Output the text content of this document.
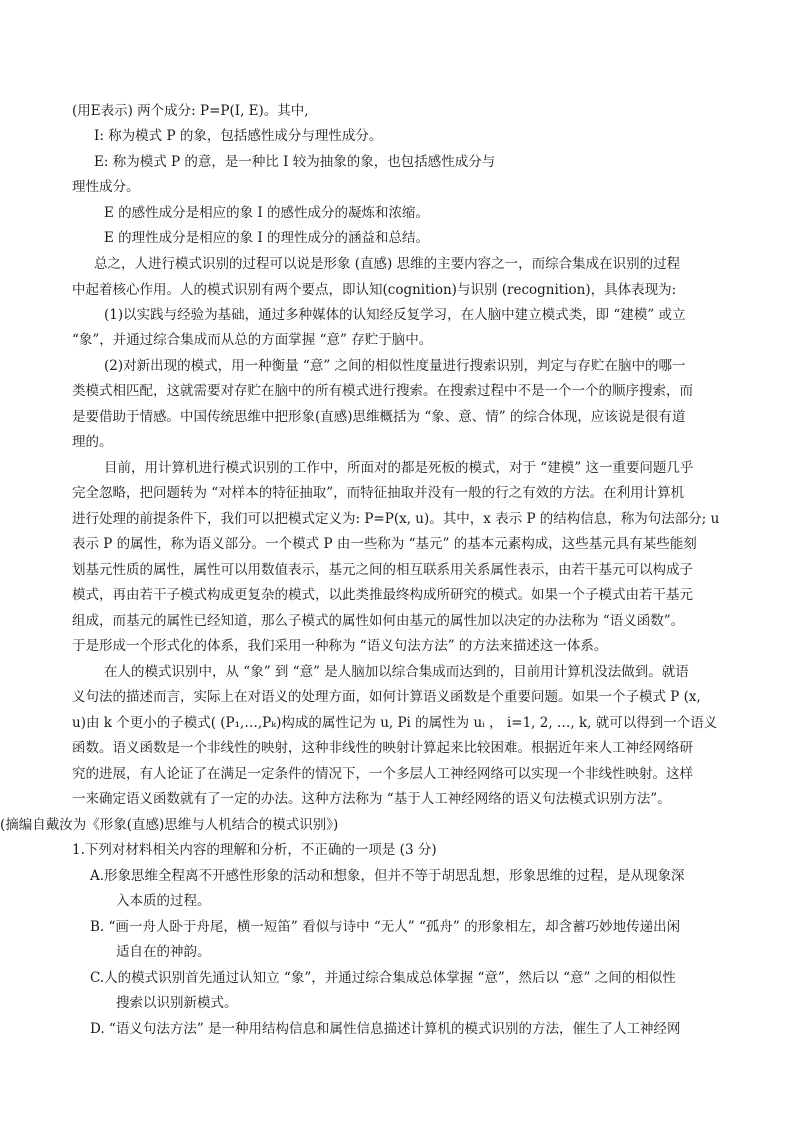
(用E表示) 两个成分: P=P(I, E)。其中,
I: 称为模式 P 的象，包括感性成分与理性成分。
E: 称为模式 P 的意，是一种比 I 较为抽象的象，也包括感性成分与
理性成分。
E 的感性成分是相应的象 I 的感性成分的凝炼和浓缩。
E 的理性成分是相应的象 I 的理性成分的涵益和总结。
总之，人进行模式识别的过程可以说是形象 (直感) 思维的主要内容之一，而综合集成在识别的过程
中起着核心作用。人的模式识别有两个要点，即认知(cognition)与识别 (recognition)，具体表现为:
(1)以实践与经验为基础，通过多种媒体的认知经反复学习，在人脑中建立模式类，即 “建模” 或立
“象”，并通过综合集成而从总的方面掌握 “意” 存贮于脑中。
(2)对新出现的模式，用一种衡量 “意” 之间的相似性度量进行搜索识别，判定与存贮在脑中的哪一
类模式相匹配，这就需要对存贮在脑中的所有模式进行搜索。在搜索过程中不是一个一个的顺序搜索，而
是要借助于情感。中国传统思维中把形象(直感)思维概括为 “象、意、情” 的综合体现，应该说是很有道
理的。
目前，用计算机进行模式识别的工作中，所面对的都是死板的模式，对于 “建模” 这一重要问题几乎
完全忽略，把问题转为 “对样本的特征抽取”，而特征抽取并没有一般的行之有效的方法。在利用计算机
进行处理的前提条件下，我们可以把模式定义为: P=P(x, u)。其中，x 表示 P 的结构信息，称为句法部分; u
表示 P 的属性，称为语义部分。一个模式 P 由一些称为 “基元” 的基本元素构成，这些基元具有某些能刻
划基元性质的属性，属性可以用数值表示，基元之间的相互联系用关系属性表示，由若干基元可以构成子
模式，再由若干子模式构成更复杂的模式，以此类推最终构成所研究的模式。如果一个子模式由若干基元
组成，而基元的属性已经知道，那么子模式的属性如何由基元的属性加以决定的办法称为 “语义函数”。
于是形成一个形式化的体系，我们采用一种称为 “语义句法方法” 的方法来描述这一体系。
在人的模式识别中，从 “象” 到 “意” 是人脑加以综合集成而达到的，目前用计算机没法做到。就语
义句法的描述而言，实际上在对语义的处理方面，如何计算语义函数是个重要问题。如果一个子模式 P (x,
u)由 k 个更小的子模式( (P₁,…,Pₖ)构成的属性记为 u, Pi 的属性为 uᵢ ， i=1, 2, …, k, 就可以得到一个语义
函数。语义函数是一个非线性的映射，这种非线性的映射计算起来比较困难。根据近年来人工神经网络研
究的进展，有人论证了在满足一定条件的情况下，一个多层人工神经网络可以实现一个非线性映射。这样
一来确定语义函数就有了一定的办法。这种方法称为 “基于人工神经网络的语义句法模式识别方法”。
(摘编自戴汝为《形象(直感)思维与人机结合的模式识别》)
1.下列对材料相关内容的理解和分析，不正确的一项是 (3 分)
A.形象思维全程离不开感性形象的活动和想象，但并不等于胡思乱想，形象思维的过程，是从现象深
入本质的过程。
B. “画一舟人卧于舟尾，横一短笛” 看似与诗中 “无人” “孤舟” 的形象相左，却含蓄巧妙地传递出闲
适自在的神韵。
C.人的模式识别首先通过认知立 “象”，并通过综合集成总体掌握 “意”，然后以 “意” 之间的相似性
搜索以识别新模式。
D. “语义句法方法” 是一种用结构信息和属性信息描述计算机的模式识别的方法，催生了人工神经网
